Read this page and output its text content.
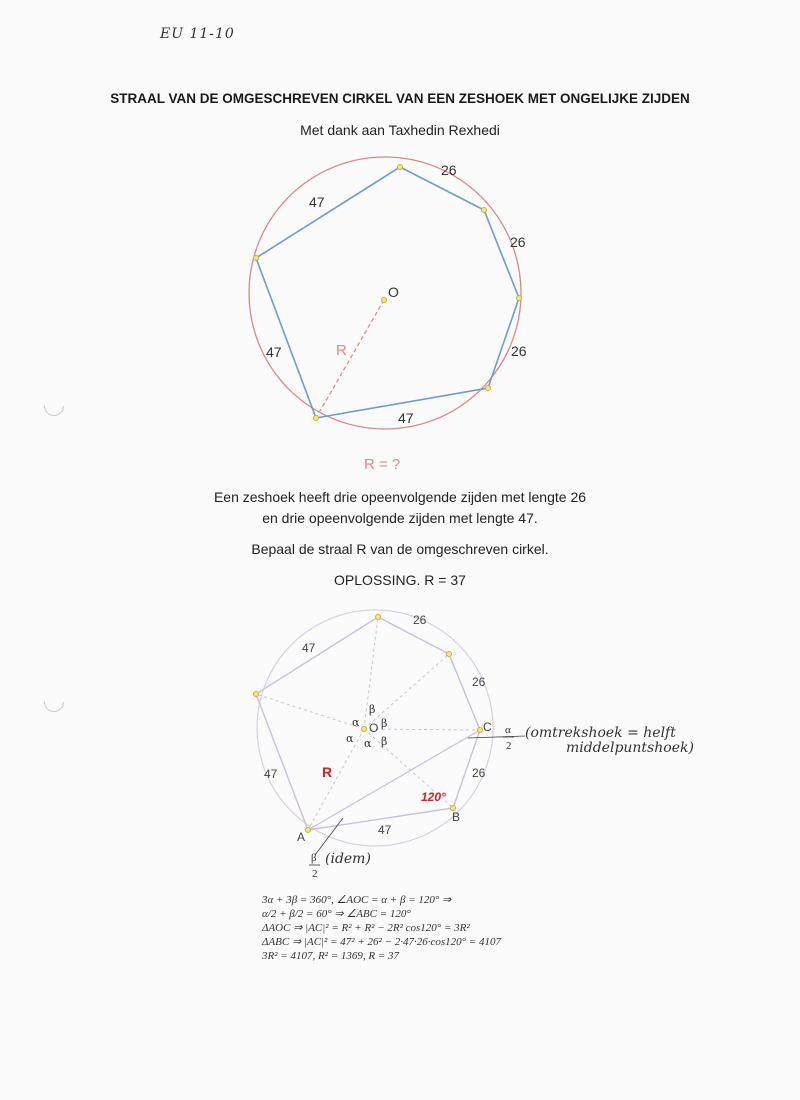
EU 11-10
STRAAL VAN DE OMGESCHREVEN CIRKEL VAN EEN ZESHOEK MET ONGELIJKE ZIJDEN
Met dank aan Taxhedin Rexhedi
26
26
26
47
47
47
O
R
R = ?
Een zeshoek heeft drie opeenvolgende zijden met lengte 26
en drie opeenvolgende zijden met lengte 47.
Bepaal de straal R van de omgeschreven cirkel.
OPLOSSING. R = 37
26
26
26
47
47
47
O
A
B
C
β
α β
α α β
R
120°
α
2
β
2
(omtrekshoek = helft
middelpuntshoek)
(idem)
3α + 3β = 360°, ∠AOC = α + β = 120° ⇒
α/2 + β/2 = 60° ⇒ ∠ABC = 120°
ΔAOC ⇒ |AC|² = R² + R² − 2R² cos120° = 3R²
ΔABC ⇒ |AC|² = 47² + 26² − 2·47·26·cos120° = 4107
3R² = 4107, R² = 1369, R = 37
